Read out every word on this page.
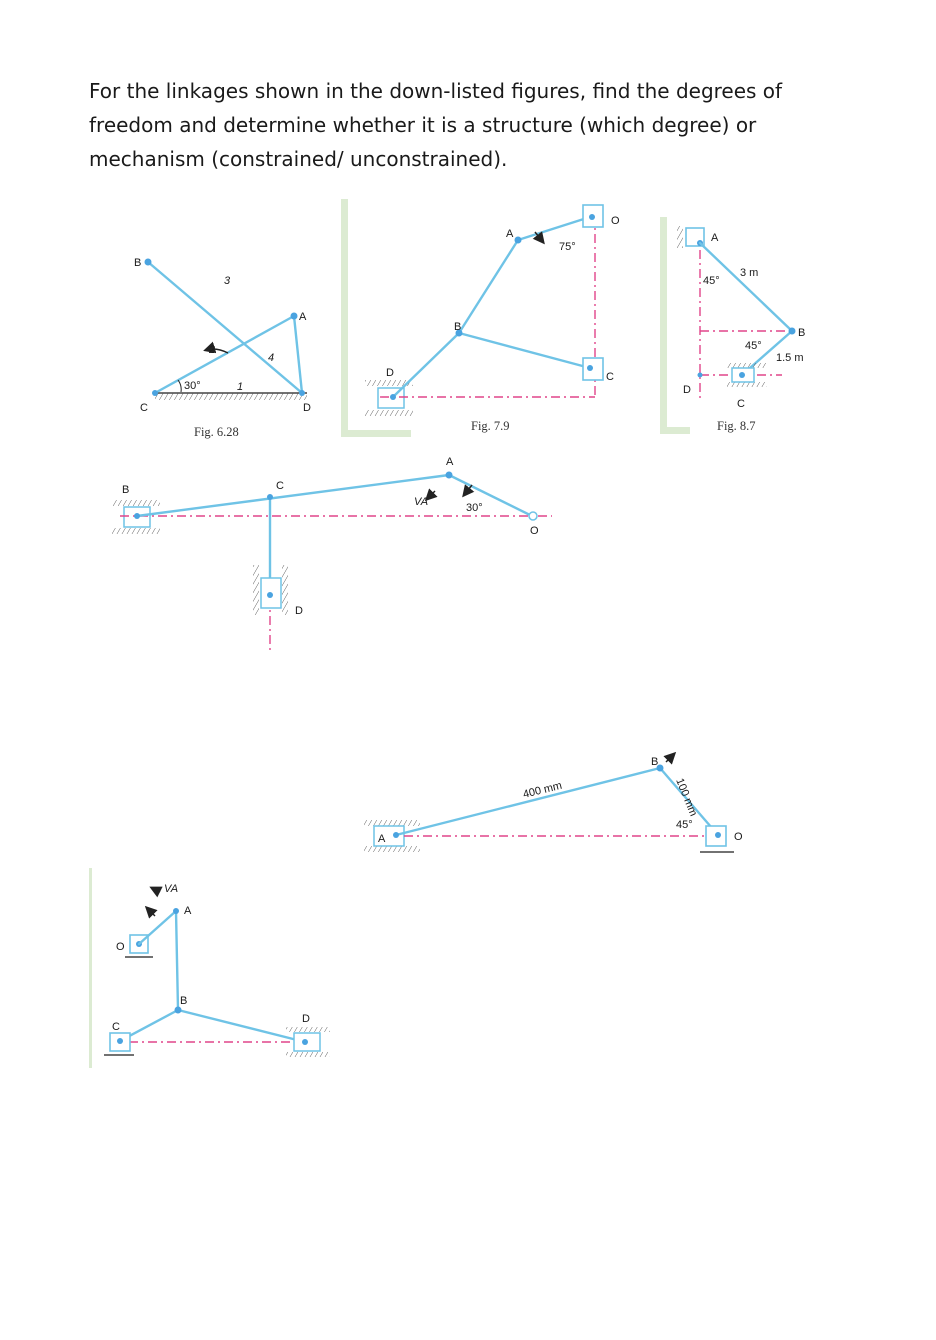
For the linkages shown in the down-listed figures, find the degrees of

freedom and determine whether it is a structure (which degree) or

mechanism (constrained/ unconstrained).

B
A
C	D
3
2
4
1
30°
Fig. 6.28
A
B
C
D
O
75°
Fig. 7.9
A
B
C
D
45°
45°
3 m
1.5 m
Fig. 8.7
B	C
D
A
O
VA	30°
A
B
O
400 mm	100 mm
45°
O
A
B
C
D
VA
